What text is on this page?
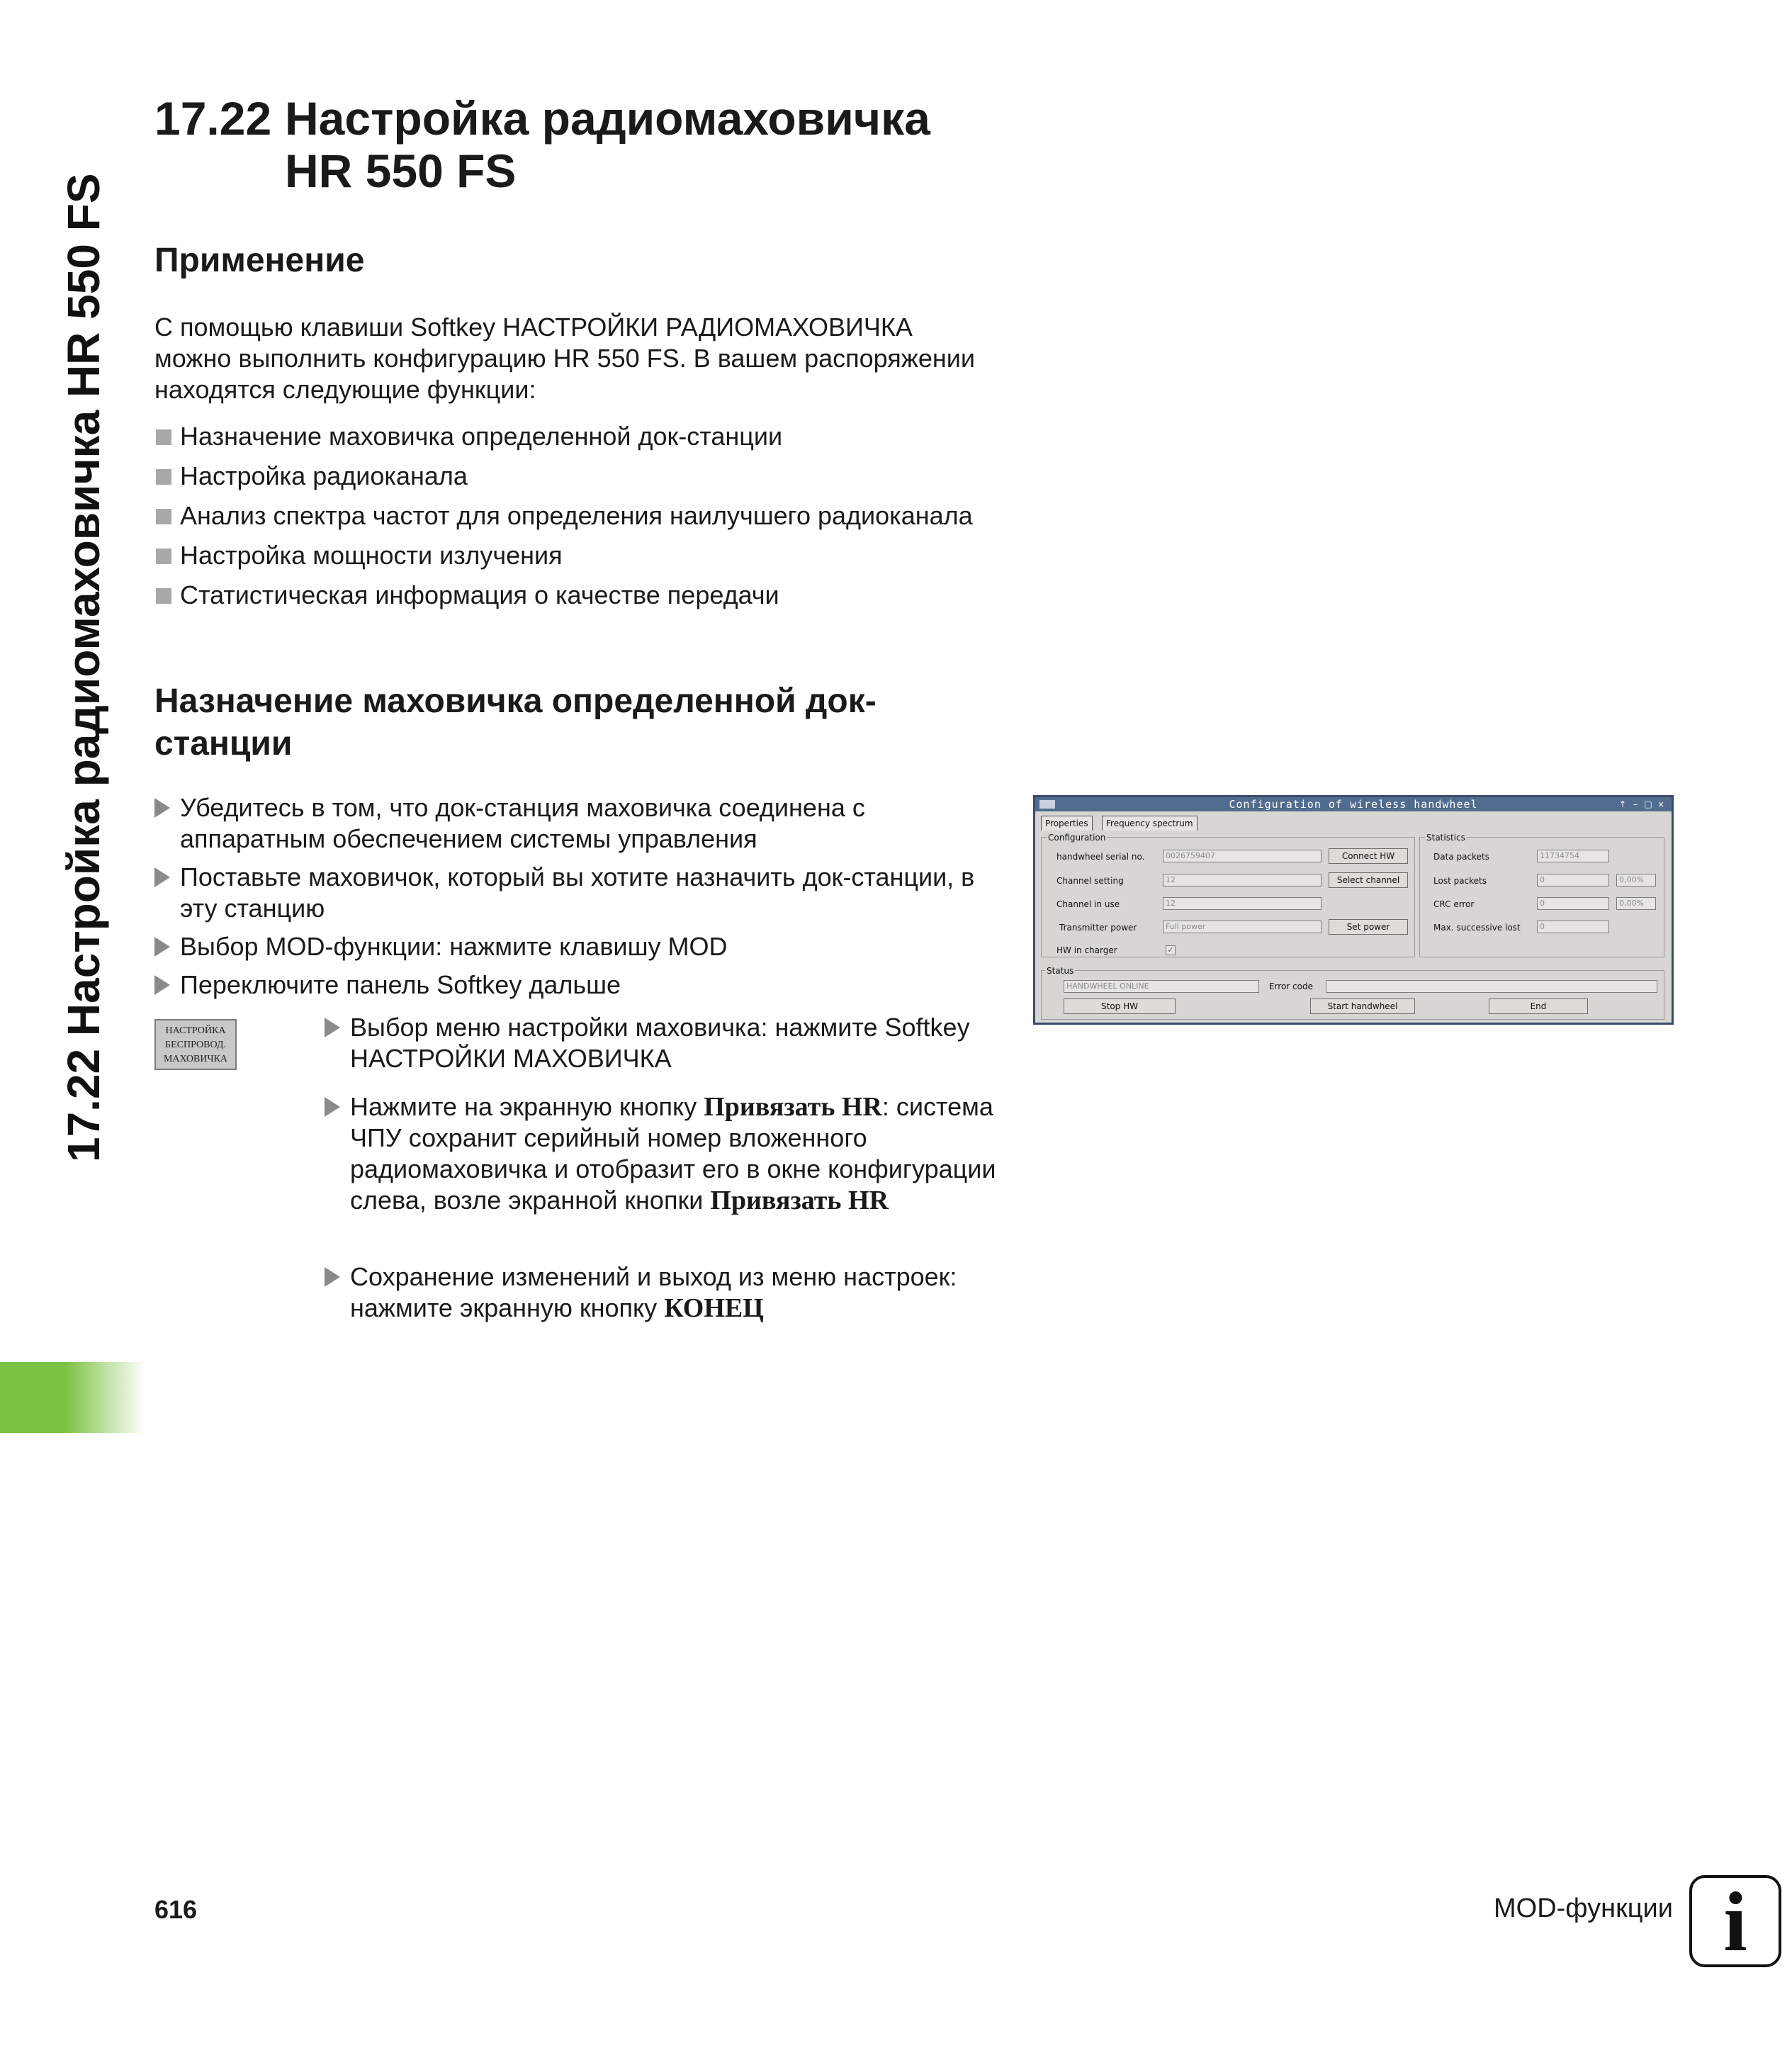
17.22 Настройка радиомаховичка HR 550 FS
17.22 Настройка радиомаховичка
HR 550 FS
Применение
С помощью клавиши Softkey НАСТРОЙКИ РАДИОМАХОВИЧКА можно выполнить конфигурацию HR 550 FS. В вашем распоряжении находятся следующие функции:
Назначение маховичка определенной док-станции
Настройка радиоканала
Анализ спектра частот для определения наилучшего радиоканала
Настройка мощности излучения
Статистическая информация о качестве передачи
Назначение маховичка определенной док-станции
Убедитесь в том, что док-станция маховичка соединена с аппаратным обеспечением системы управления
Поставьте маховичок, который вы хотите назначить док-станции, в эту станцию
Выбор MOD-функции: нажмите клавишу MOD
Переключите панель Softkey дальше
НАСТРОЙКА
БЕСПРОВОД.
МАХОВИЧКА
Выбор меню настройки маховичка: нажмите Softkey НАСТРОЙКИ МАХОВИЧКА
Нажмите на экранную кнопку Привязать HR: система ЧПУ сохранит серийный номер вложенного радиомаховичка и отобразит его в окне конфигурации слева, возле экранной кнопки Привязать HR
Сохранение изменений и выход из меню настроек: нажмите экранную кнопку КОНЕЦ
Configuration of wireless handwheel	↑ – □ ×
Properties	Frequency spectrum
Configuration
handwheel serial no.	0026759407	Connect HW
Channel setting	12	Select channel
Channel in use	12
Transmitter power	Full power	Set power
HW in charger	✓
Statistics
Data packets	11734754
Lost packets	0	0,00%
CRC error	0	0,00%
Max. successive lost	0
Status
HANDWHEEL ONLINE	Error code
Stop HW	Start handwheel	End
616	MOD-функции i
